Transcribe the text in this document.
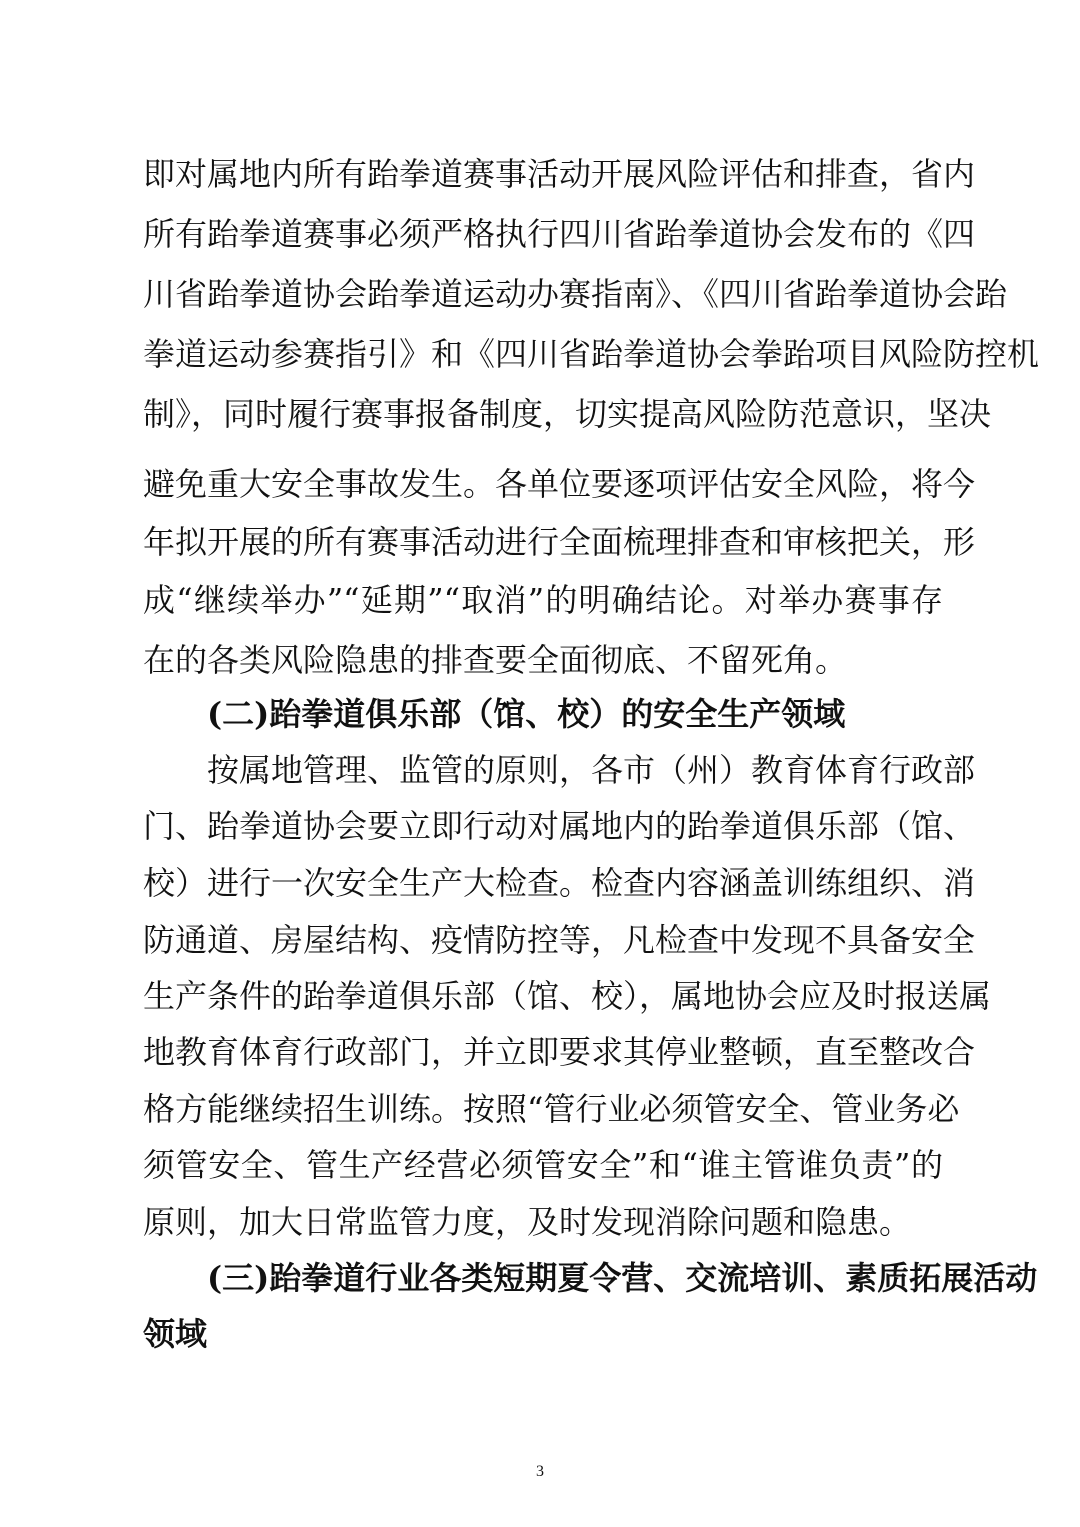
即对属地内所有跆拳道赛事活动开展风险评估和排查，省内
所有跆拳道赛事必须严格执行四川省跆拳道协会发布的《四
川省跆拳道协会跆拳道运动办赛指南》、《四川省跆拳道协会跆
拳道运动参赛指引》和《四川省跆拳道协会拳跆项目风险防控机
制》，同时履行赛事报备制度，切实提高风险防范意识，坚决
避免重大安全事故发生。各单位要逐项评估安全风险，将今
年拟开展的所有赛事活动进行全面梳理排查和审核把关，形
成“继续举办”“延期”“取消”的明确结论。对举办赛事存
在的各类风险隐患的排查要全面彻底、不留死角。
(二)跆拳道俱乐部（馆、校）的安全生产领域
按属地管理、监管的原则，各市（州）教育体育行政部
门、跆拳道协会要立即行动对属地内的跆拳道俱乐部（馆、
校）进行一次安全生产大检查。检查内容涵盖训练组织、消
防通道、房屋结构、疫情防控等，凡检查中发现不具备安全
生产条件的跆拳道俱乐部（馆、校），属地协会应及时报送属
地教育体育行政部门，并立即要求其停业整顿，直至整改合
格方能继续招生训练。按照“管行业必须管安全、管业务必
须管安全、管生产经营必须管安全”和“谁主管谁负责”的
原则，加大日常监管力度，及时发现消除问题和隐患。
(三)跆拳道行业各类短期夏令营、交流培训、素质拓展活动
领域
3
